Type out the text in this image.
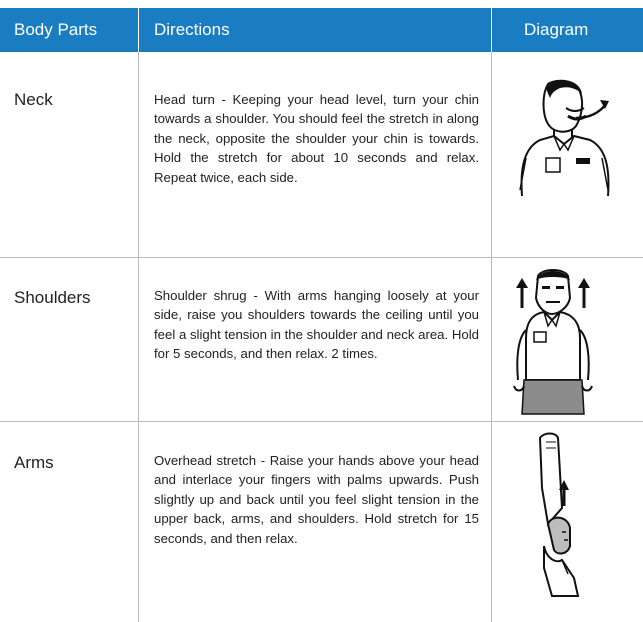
Body Parts	Directions	Diagram
Neck	Head turn - Keeping your head level, turn your chin towards a shoulder. You should feel the stretch in along the neck, opposite the shoulder your chin is towards. Hold the stretch for about 10 seconds and relax. Repeat twice, each side.
Shoulders	Shoulder shrug - With arms hanging loosely at your side, raise you shoulders towards the ceiling until you feel a slight tension in the shoulder and neck area. Hold for 5 seconds, and then relax. 2 times.
Arms	Overhead stretch - Raise your hands above your head and interlace your fingers with palms upwards. Push slightly up and back until you feel slight tension in the upper back, arms, and shoulders. Hold stretch for 15 seconds, and then relax.
